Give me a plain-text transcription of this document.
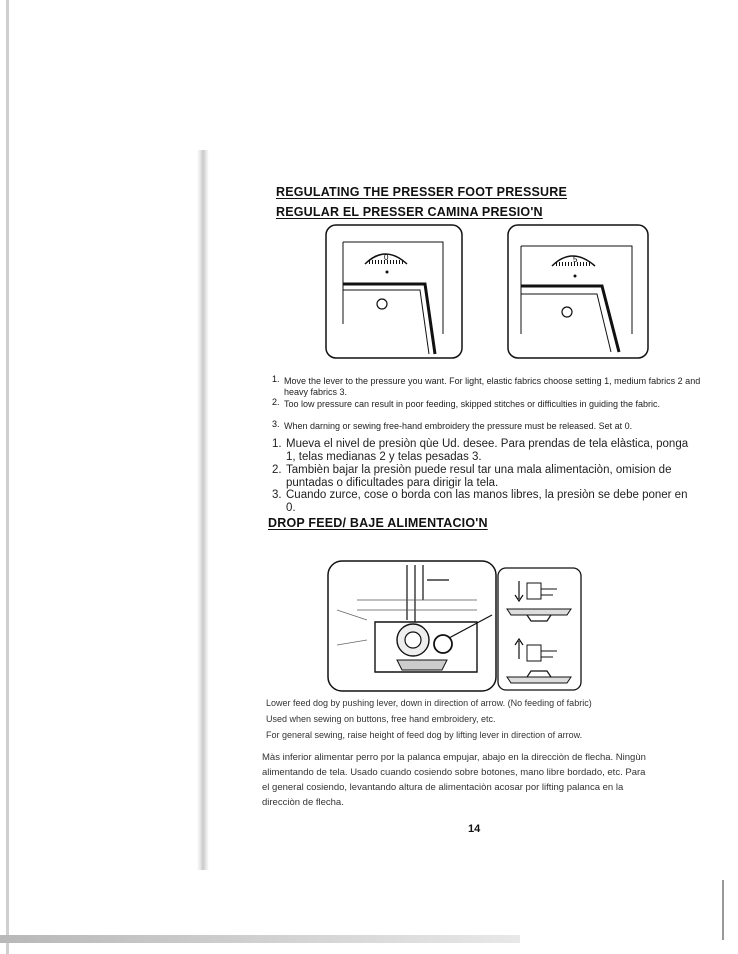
REGULATING THE PRESSER FOOT PRESSURE
REGULAR EL PRESSER CAMINA PRESIO'N
0	5
1. Move the lever to the pressure you want. For light, elastic fabrics choose setting 1, medium fabrics 2 and heavy fabrics 3.
2. Too low pressure can result in poor feeding, skipped stitches or difficulties in guiding the fabric.
3. When darning or sewing free-hand embroidery the pressure must be released. Set at 0.
1. Mueva el nivel de presiòn qùe Ud. desee. Para prendas de tela elàstica, ponga 1, telas medianas 2 y telas pesadas 3.
2. Tambièn bajar la presiòn puede resul tar una mala alimentaciòn, omision de puntadas o dificultades para dirigir la tela.
3. Cuando zurce, cose o borda con las manos libres, la presiòn se debe poner en 0.
DROP FEED/ BAJE ALIMENTACIO'N
Lower feed dog by pushing lever, down in direction of arrow. (No feeding of fabric)
Used when sewing on buttons, free hand embroidery, etc.
For general sewing, raise height of feed dog by lifting lever in direction of arrow.
Màs inferior alimentar perro por la palanca empujar, abajo en la direcciòn de flecha. Ningùn alimentando de tela. Usado cuando cosiendo sobre botones, mano libre bordado, etc. Para el general cosiendo, levantando altura de alimentaciòn acosar por lifting palanca en la direcciòn de flecha.
14
